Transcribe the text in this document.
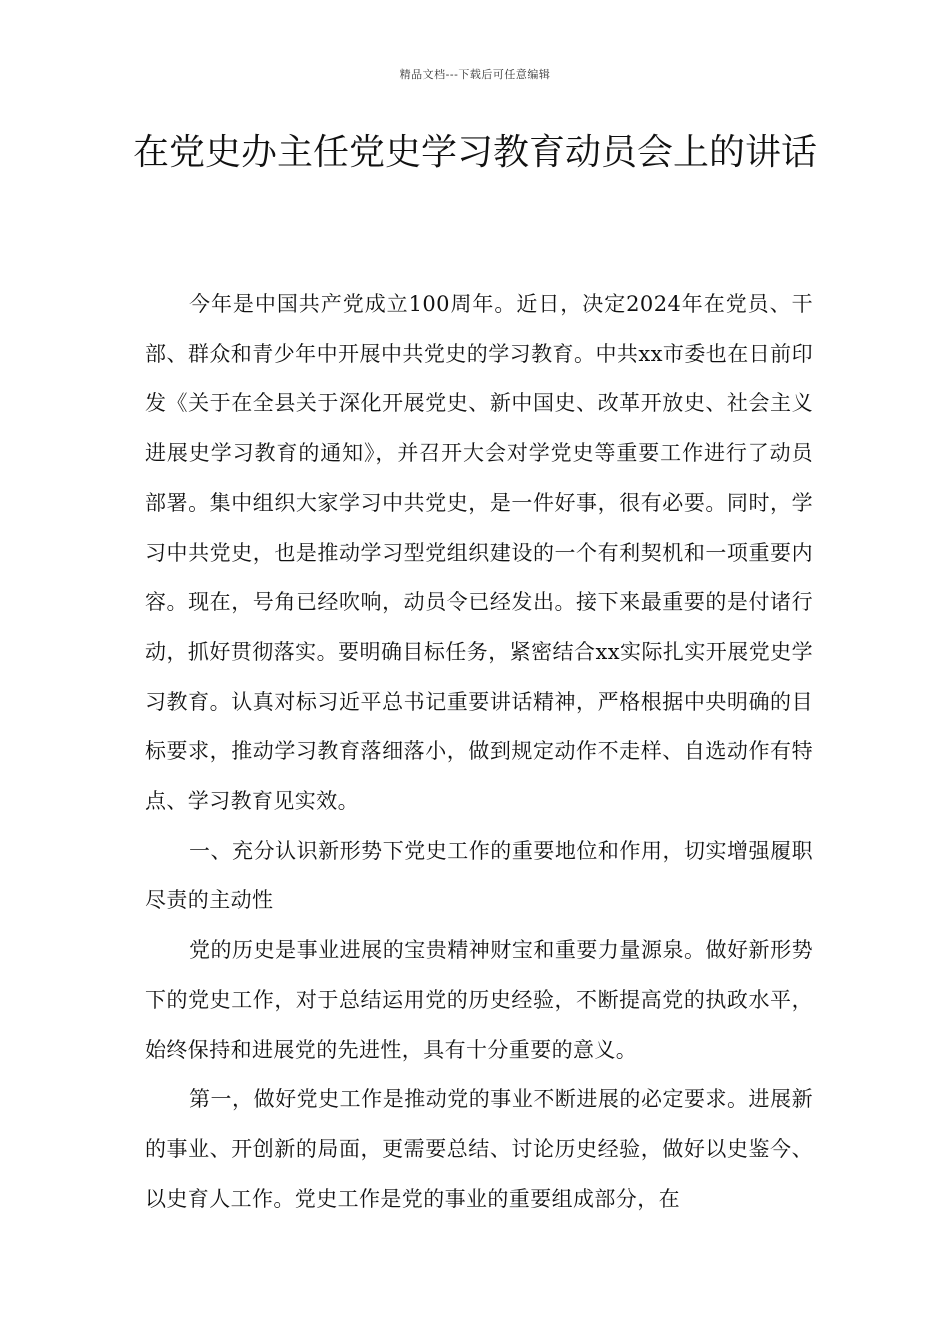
精品文档---下载后可任意编辑
在党史办主任党史学习教育动员会上的讲话

今年是中国共产党成立100周年。近日，决定2024年在党员、干部、群众和青少年中开展中共党史的学习教育。中共xx市委也在日前印发《关于在全县关于深化开展党史、新中国史、改革开放史、社会主义进展史学习教育的通知》，并召开大会对学党史等重要工作进行了动员部署。集中组织大家学习中共党史，是一件好事，很有必要。同时，学习中共党史，也是推动学习型党组织建设的一个有利契机和一项重要内容。现在，号角已经吹响，动员令已经发出。接下来最重要的是付诸行动，抓好贯彻落实。要明确目标任务，紧密结合xx实际扎实开展党史学习教育。认真对标习近平总书记重要讲话精神，严格根据中央明确的目标要求，推动学习教育落细落小，做到规定动作不走样、自选动作有特点、学习教育见实效。

一、充分认识新形势下党史工作的重要地位和作用，切实增强履职尽责的主动性

党的历史是事业进展的宝贵精神财宝和重要力量源泉。做好新形势下的党史工作，对于总结运用党的历史经验，不断提高党的执政水平，始终保持和进展党的先进性，具有十分重要的意义。

第一，做好党史工作是推动党的事业不断进展的必定要求。进展新的事业、开创新的局面，更需要总结、讨论历史经验，做好以史鉴今、以史育人工作。党史工作是党的事业的重要组成部分，在
